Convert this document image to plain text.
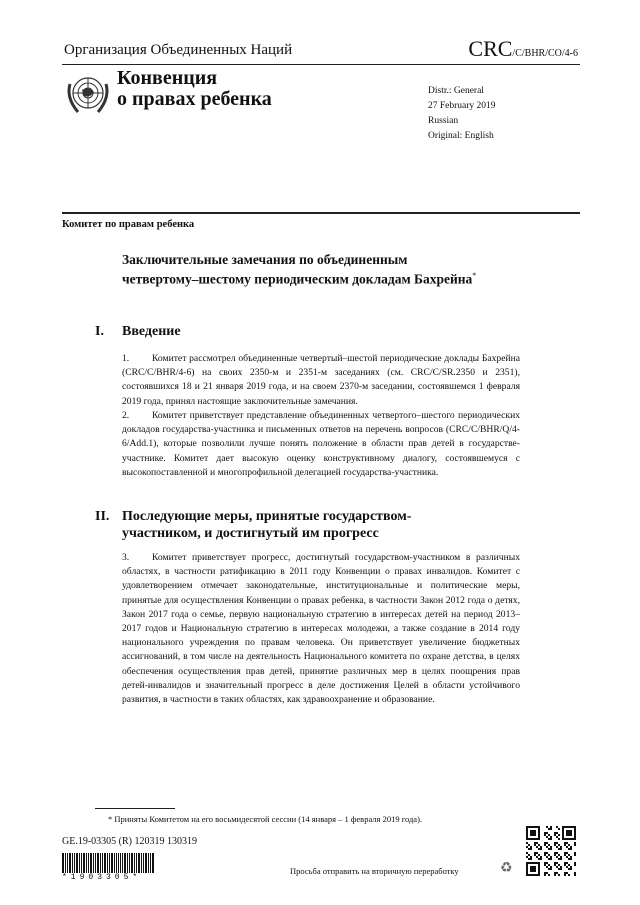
Организация Объединенных Наций	CRC/C/BHR/CO/4-6
Конвенция
о правах ребенка	Distr.: General
27 February 2019
Russian
Original: English
Комитет по правам ребенка
Заключительные замечания по объединенным четвертому–шестому периодическим докладам Бахрейна*
I. Введение
1. Комитет рассмотрел объединенные четвертый–шестой периодические доклады Бахрейна (CRC/C/BHR/4-6) на своих 2350-м и 2351-м заседаниях (см. CRC/C/SR.2350 и 2351), состоявшихся 18 и 21 января 2019 года, и на своем 2370-м заседании, состоявшемся 1 февраля 2019 года, принял настоящие заключительные замечания.
2. Комитет приветствует представление объединенных четвертого–шестого периодических докладов государства-участника и письменных ответов на перечень вопросов (CRC/C/BHR/Q/4-6/Add.1), которые позволили лучше понять положение в области прав детей в государстве-участнике. Комитет дает высокую оценку конструктивному диалогу, состоявшемуся с высокопоставленной и многопрофильной делегацией государства-участника.
II. Последующие меры, принятые государством-участником, и достигнутый им прогресс
3. Комитет приветствует прогресс, достигнутый государством-участником в различных областях, в частности ратификацию в 2011 году Конвенции о правах инвалидов. Комитет с удовлетворением отмечает законодательные, институциональные и политические меры, принятые для осуществления Конвенции о правах ребенка, в частности Закон 2012 года о детях, Закон 2017 года о семье, первую национальную стратегию в интересах детей на период 2013–2017 годов и Национальную стратегию в интересах молодежи, а также создание в 2014 году национального учреждения по правам человека. Он приветствует увеличение бюджетных ассигнований, в том числе на деятельность Национального комитета по охране детства, в целях обеспечения осуществления прав детей, принятие различных мер в целях поощрения прав детей-инвалидов и значительный прогресс в деле достижения Целей в области устойчивого развития, в частности в таких областях, как здравоохранение и образование.
* Приняты Комитетом на его восьмидесятой сессии (14 января – 1 февраля 2019 года).
GE.19-03305 (R) 120319 130319
*1903305*
Просьба отправить на вторичную переработку	♻
